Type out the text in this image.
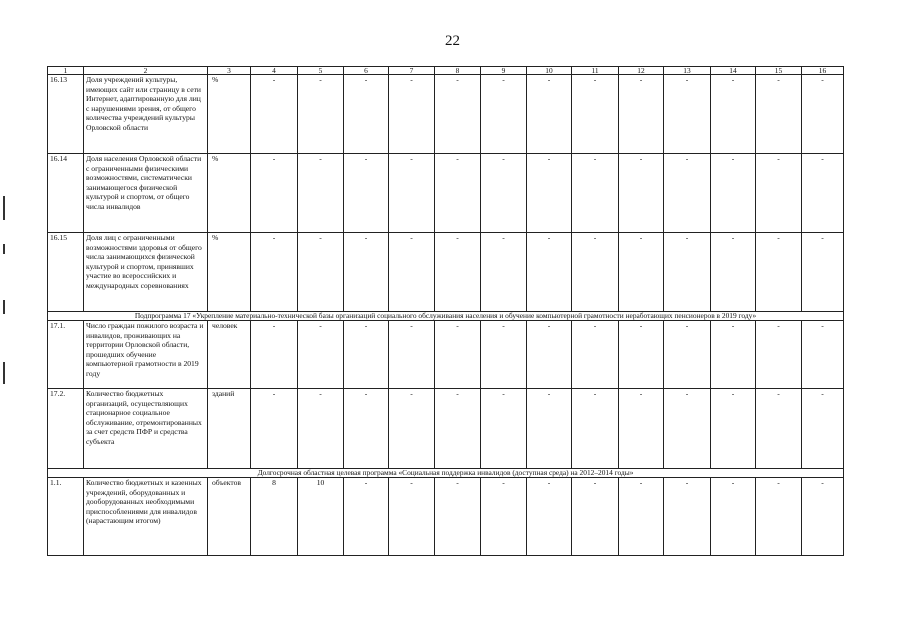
22
1	2	3	4	5	6	7	8	9	10	11	12	13	14	15	16
16.13	Доля учреждений культуры, имеющих сайт или страницу в сети Интернет, адаптированную для лиц с нарушениями зрения, от общего количества учреждений культуры Орловской области	%	-	-	-	-	-	-	-	-	-	-	-	-	-
16.14	Доля населения Орловской области с ограниченными физическими возможностями, систематически занимающегося физической культурой и спортом, от общего числа инвалидов	%	-	-	-	-	-	-	-	-	-	-	-	-	-
16.15	Доля лиц с ограниченными возможностями здоровья от общего числа занимающихся физической культурой и спортом, принявших участие во всероссийских и международных соревнованиях	%	-	-	-	-	-	-	-	-	-	-	-	-	-
Подпрограмма 17 «Укрепление материально-технической базы организаций социального обслуживания населения и обучение компьютерной грамотности неработающих пенсионеров в 2019 году»															
17.1.	Число граждан пожилого возраста и инвалидов, проживающих на территории Орловской области, прошедших обучение компьютерной грамотности в 2019 году	человек	-	-	-	-	-	-	-	-	-	-	-	-	-
17.2.	Количество бюджетных организаций, осуществляющих стационарное социальное обслуживание, отремонтированных за счет средств ПФР и средства субъекта	зданий	-	-	-	-	-	-	-	-	-	-	-	-	-
Долгосрочная областная целевая программа «Социальная поддержка инвалидов (доступная среда) на 2012–2014 годы»															
1.1.	Количество бюджетных и казенных учреждений, оборудованных и дооборудованных необходимыми приспособлениями для инвалидов (нарастающим итогом)	объектов	8	10	-	-	-	-	-	-	-	-	-	-	-
